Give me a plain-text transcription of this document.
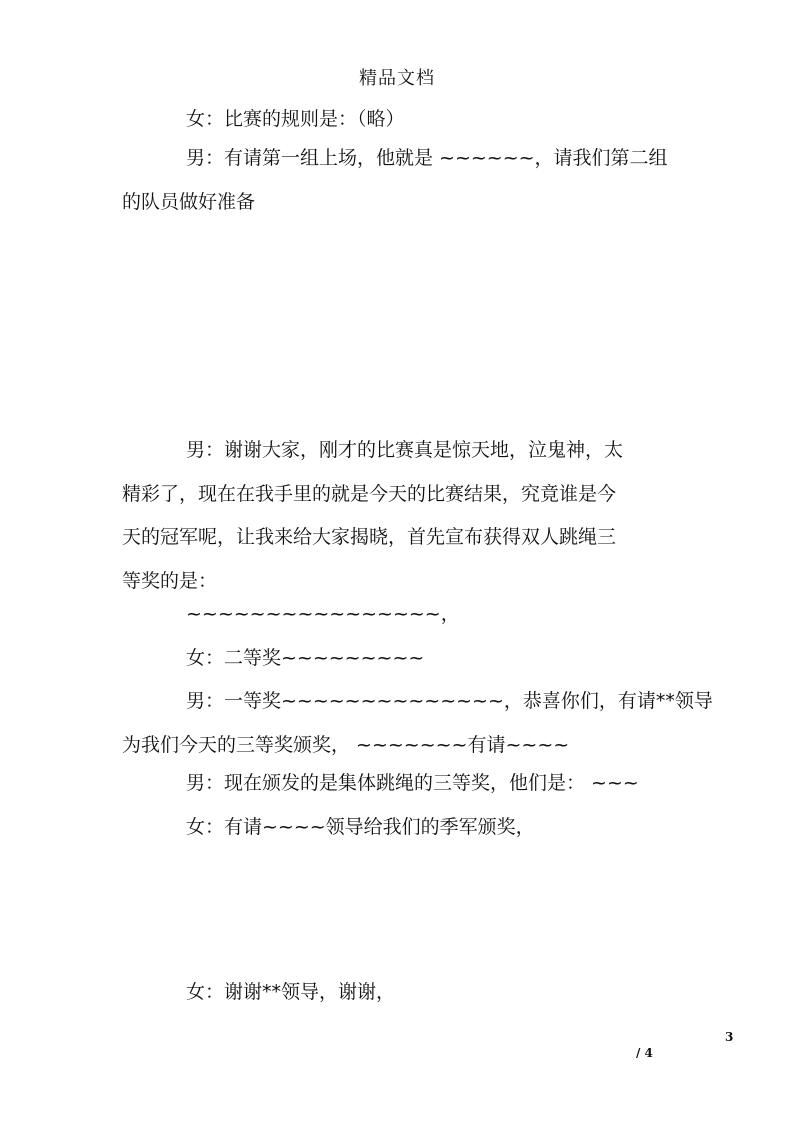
精品文档
女：比赛的规则是：（略）
男：有请第一组上场，他就是 ~~~~~~，请我们第二组
的队员做好准备
男：谢谢大家，刚才的比赛真是惊天地，泣鬼神，太
精彩了，现在在我手里的就是今天的比赛结果，究竟谁是今
天的冠军呢，让我来给大家揭晓，首先宣布获得双人跳绳三
等奖的是：
~~~~~~~~~~~~~~~~，
女：二等奖~~~~~~~~~
男：一等奖~~~~~~~~~~~~~~，恭喜你们，有请**领导
为我们今天的三等奖颁奖， ~~~~~~~有请~~~~
男：现在颁发的是集体跳绳的三等奖，他们是： ~~~
女：有请~~~~领导给我们的季军颁奖，
女：谢谢**领导，谢谢，
3
/ 4
